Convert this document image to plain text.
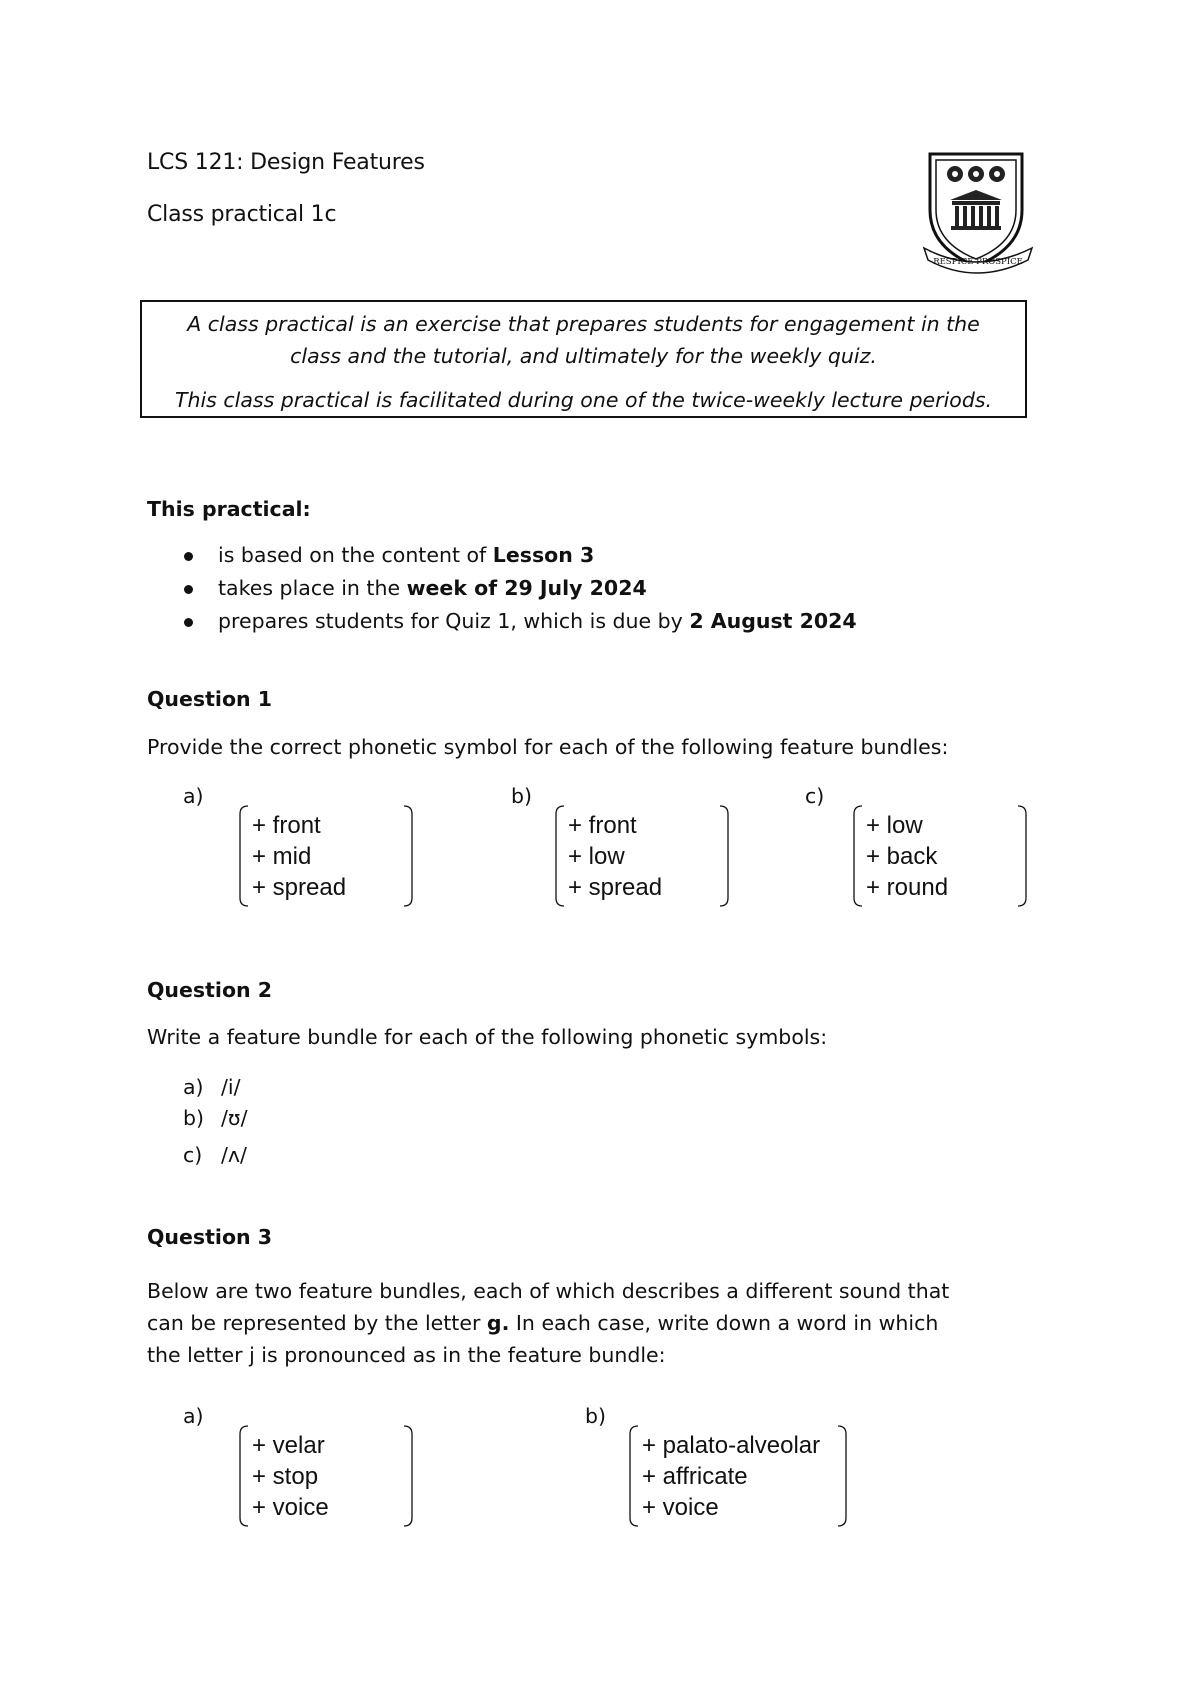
LCS 121: Design Features
Class practical 1c
RESPICE PROSPICE

A class practical is an exercise that prepares students for engagement in the

class and the tutorial, and ultimately for the weekly quiz.

This class practical is facilitated during one of the twice-weekly lecture periods.

This practical:
is based on the content of Lesson 3
takes place in the week of 29 July 2024
prepares students for Quiz 1, which is due by 2 August 2024
Question 1
Provide the correct phonetic symbol for each of the following feature bundles:
a)
+ front
+ mid
+ spread
b)
+ front
+ low
+ spread
c)
+ low
+ back
+ round
Question 2
Write a feature bundle for each of the following phonetic symbols:
a) /i/
b) /ʊ/
c) /ʌ/
Question 3
Below are two feature bundles, each of which describes a different sound that
can be represented by the letter g. In each case, write down a word in which
the letter j is pronounced as in the feature bundle:
a)
+ velar
+ stop
+ voice
b)
+ palato-alveolar
+ affricate
+ voice
